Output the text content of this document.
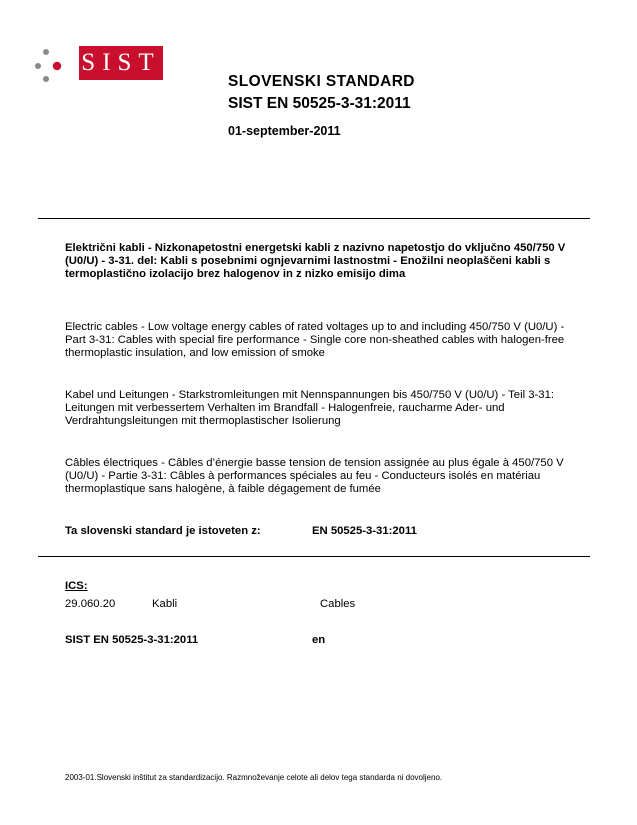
SIST
SLOVENSKI STANDARD
SIST EN 50525-3-31:2011
01-september-2011
Električni kabli - Nizkonapetostni energetski kabli z nazivno napetostjo do vključno 450/750 V (U0/U) - 3-31. del: Kabli s posebnimi ognjevarnimi lastnostmi - Enožilni neoplaščeni kabli s termoplastično izolacijo brez halogenov in z nizko emisijo dima
Electric cables - Low voltage energy cables of rated voltages up to and including 450/750 V (U0/U) - Part 3-31: Cables with special fire performance - Single core non-sheathed cables with halogen-free thermoplastic insulation, and low emission of smoke
Kabel und Leitungen - Starkstromleitungen mit Nennspannungen bis 450/750 V (U0/U) - Teil 3-31: Leitungen mit verbessertem Verhalten im Brandfall - Halogenfreie, raucharme Ader- und Verdrahtungsleitungen mit thermoplastischer Isolierung
Câbles électriques - Câbles d’énergie basse tension de tension assignée au plus égale à 450/750 V (U0/U) - Partie 3-31: Câbles à performances spéciales au feu - Conducteurs isolés en matériau thermoplastique sans halogène, à faible dégagement de fumée
Ta slovenski standard je istoveten z:	EN 50525-3-31:2011
ICS:
29.060.20	Kabli	Cables
SIST EN 50525-3-31:2011	en
2003-01.Slovenski inštitut za standardizacijo. Razmnoževanje celote ali delov tega standarda ni dovoljeno.
